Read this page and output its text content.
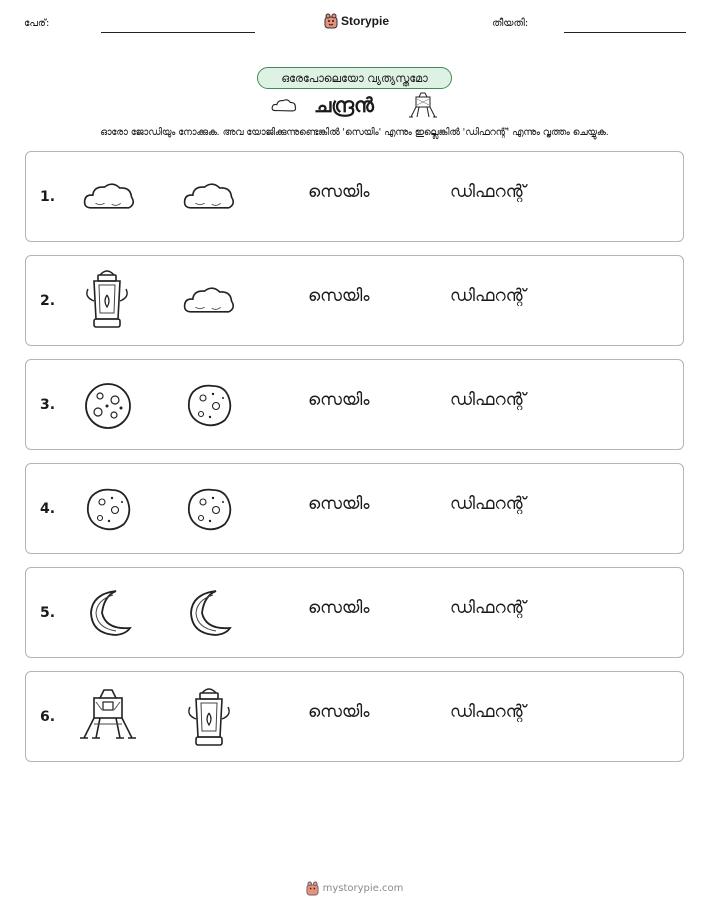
പേര്:	Storypie	തീയതി:
ഒരേപോലെയോ വ്യത്യസ്തമോ
ചന്ദ്രൻ
ഓരോ ജോഡിയും നോക്കുക. അവ യോജിക്കുന്നുണ്ടെങ്കിൽ 'സെയിം' എന്നും ഇല്ലെങ്കിൽ 'ഡിഫറന്റ്' എന്നും വൃത്തം ചെയ്യുക.
1.	സെയിം	ഡിഫറന്റ്
2.	സെയിം	ഡിഫറന്റ്
3.	സെയിം	ഡിഫറന്റ്
4.	സെയിം	ഡിഫറന്റ്
5.	സെയിം	ഡിഫറന്റ്
6.	സെയിം	ഡിഫറന്റ്
mystorypie.com
